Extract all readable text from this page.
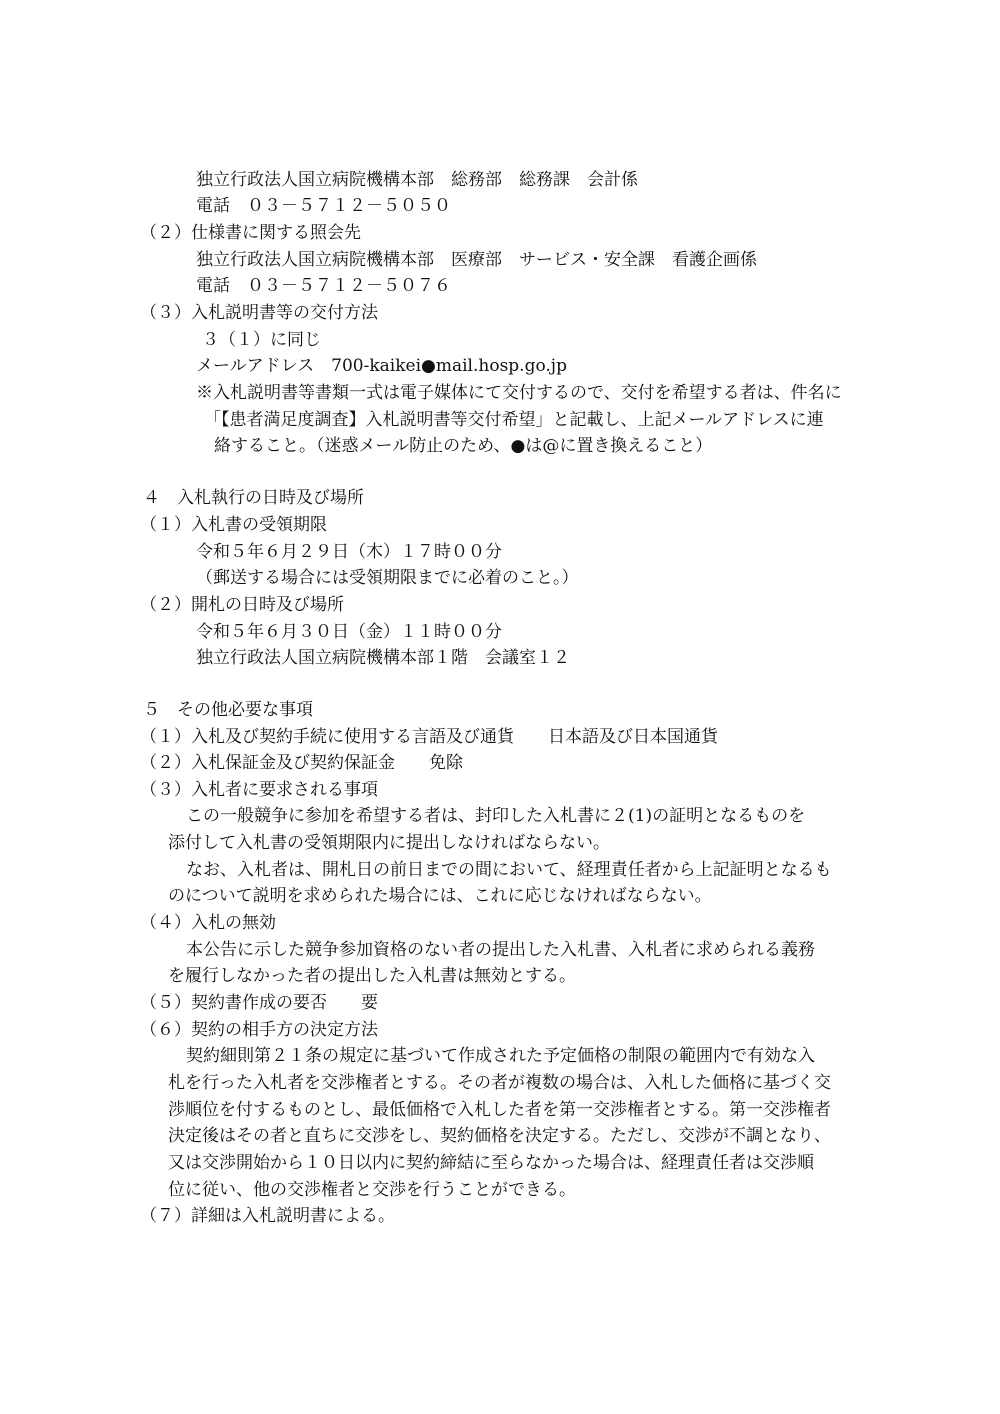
独立行政法人国立病院機構本部　総務部　総務課　会計係

電話　０３－５７１２－５０５０

（２）仕様書に関する照会先

独立行政法人国立病院機構本部　医療部　サービス・安全課　看護企画係

電話　０３－５７１２－５０７６

（３）入札説明書等の交付方法

３（１）に同じ

メールアドレス　700-kaikei●mail.hosp.go.jp

※入札説明書等書類一式は電子媒体にて交付するので、交付を希望する者は、件名に

「【患者満足度調査】入札説明書等交付希望」と記載し、上記メールアドレスに連

絡すること。（迷惑メール防止のため、●は@に置き換えること）

４　入札執行の日時及び場所

（１）入札書の受領期限

令和５年６月２９日（木）１７時００分

（郵送する場合には受領期限までに必着のこと。）

（２）開札の日時及び場所

令和５年６月３０日（金）１１時００分

独立行政法人国立病院機構本部１階　会議室１２

５　その他必要な事項

（１）入札及び契約手続に使用する言語及び通貨　　日本語及び日本国通貨

（２）入札保証金及び契約保証金　　免除

（３）入札者に要求される事項

この一般競争に参加を希望する者は、封印した入札書に２(1)の証明となるものを

添付して入札書の受領期限内に提出しなければならない。

なお、入札者は、開札日の前日までの間において、経理責任者から上記証明となるも

のについて説明を求められた場合には、これに応じなければならない。

（４）入札の無効

本公告に示した競争参加資格のない者の提出した入札書、入札者に求められる義務

を履行しなかった者の提出した入札書は無効とする。

（５）契約書作成の要否　　要

（６）契約の相手方の決定方法

契約細則第２１条の規定に基づいて作成された予定価格の制限の範囲内で有効な入

札を行った入札者を交渉権者とする。その者が複数の場合は、入札した価格に基づく交

渉順位を付するものとし、最低価格で入札した者を第一交渉権者とする。第一交渉権者

決定後はその者と直ちに交渉をし、契約価格を決定する。ただし、交渉が不調となり、

又は交渉開始から１０日以内に契約締結に至らなかった場合は、経理責任者は交渉順

位に従い、他の交渉権者と交渉を行うことができる。

（７）詳細は入札説明書による。
